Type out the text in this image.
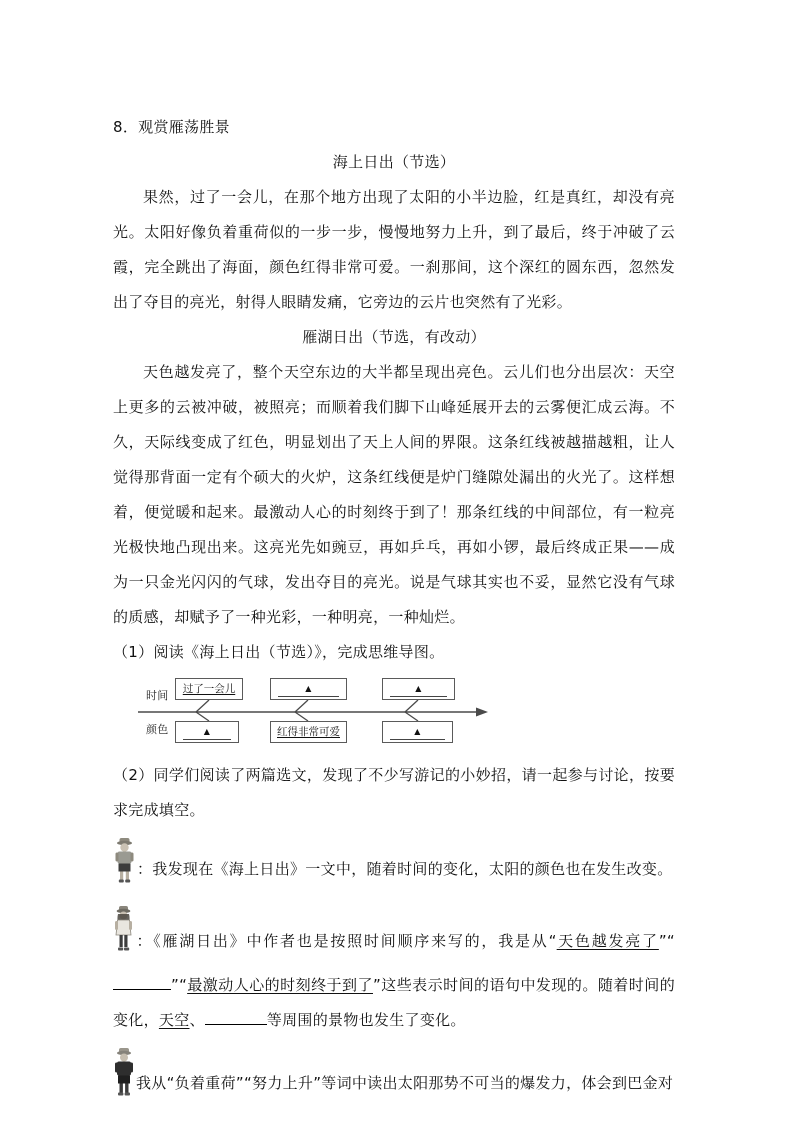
8．观赏雁荡胜景

海上日出（节选）

果然，过了一会儿，在那个地方出现了太阳的小半边脸，红是真红，却没有亮光。太阳好像负着重荷似的一步一步，慢慢地努力上升，到了最后，终于冲破了云霞，完全跳出了海面，颜色红得非常可爱。一刹那间，这个深红的圆东西，忽然发出了夺目的亮光，射得人眼睛发痛，它旁边的云片也突然有了光彩。

雁湖日出（节选，有改动）

天色越发亮了，整个天空东边的大半都呈现出亮色。云儿们也分出层次：天空上更多的云被冲破，被照亮；而顺着我们脚下山峰延展开去的云雾便汇成云海。不久，天际线变成了红色，明显划出了天上人间的界限。这条红线被越描越粗，让人觉得那背面一定有个硕大的火炉，这条红线便是炉门缝隙处漏出的火光了。这样想着，便觉暖和起来。最激动人心的时刻终于到了！那条红线的中间部位，有一粒亮光极快地凸现出来。这亮光先如豌豆，再如乒乓，再如小锣，最后终成正果——成为一只金光闪闪的气球，发出夺目的亮光。说是气球其实也不妥，显然它没有气球的质感，却赋予了一种光彩，一种明亮，一种灿烂。

（1）阅读《海上日出（节选）》，完成思维导图。

时间
颜色
过了一会儿	▲	▲
▲	红得非常可爱	▲

（2）同学们阅读了两篇选文，发现了不少写游记的小妙招，请一起参与讨论，按要求完成填空。

：我发现在《海上日出》一文中，随着时间的变化，太阳的颜色也在发生改变。
：《雁湖日出》中作者也是按照时间顺序来写的，我是从“天色越发亮了”“”“最激动人心的时刻终于到了”这些表示时间的语句中发现的。随着时间的变化，天空、	等周围的景物也发生了变化。
我从“负着重荷”“努力上升”等词中读出太阳那势不可当的爆发力，体会到巴金对
